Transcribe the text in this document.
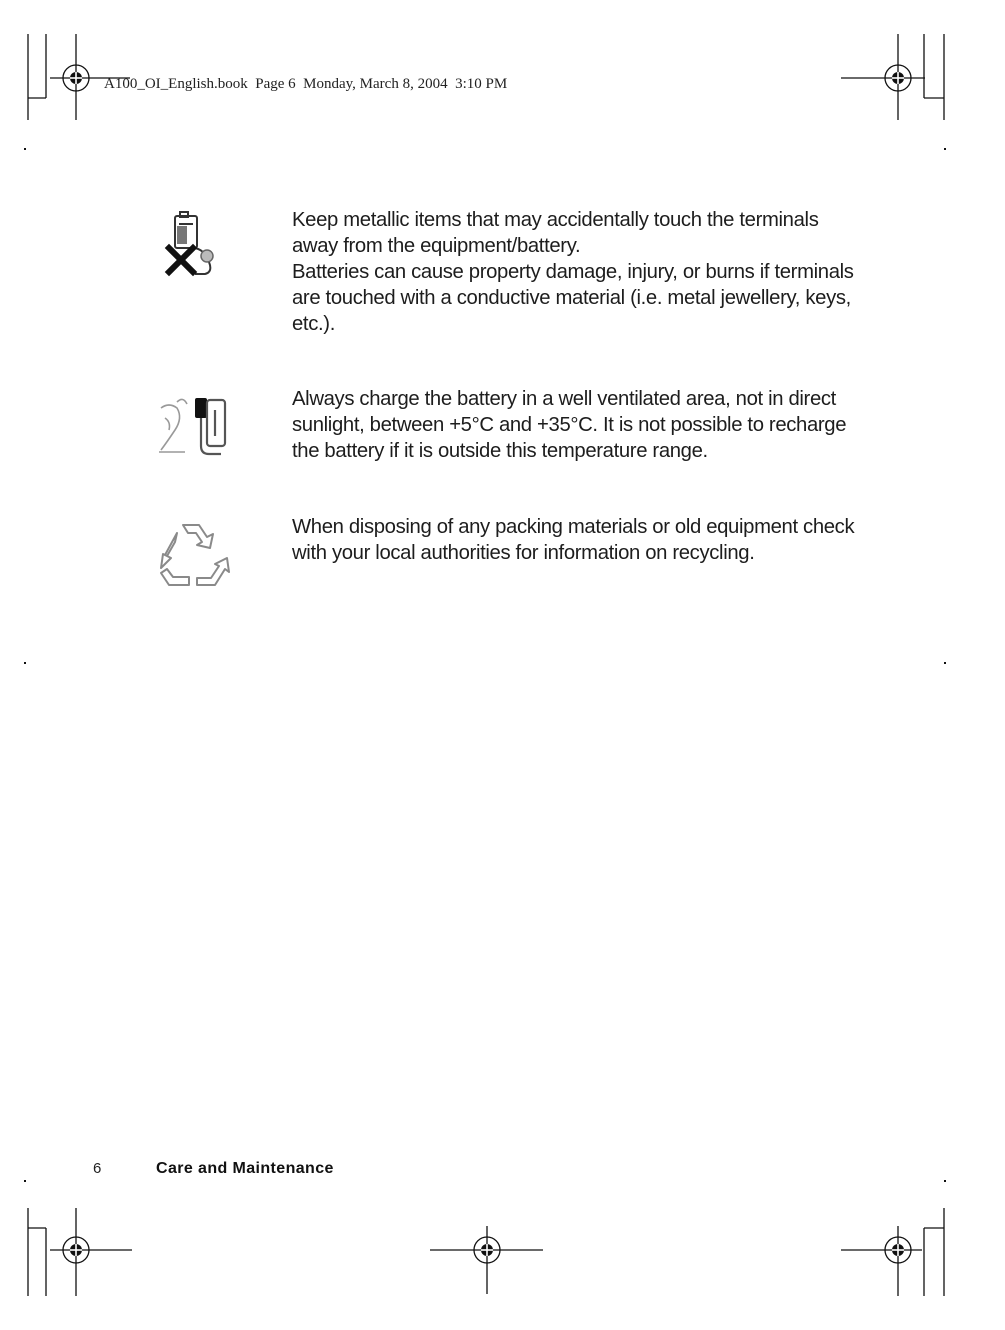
A100_OI_English.book  Page 6  Monday, March 8, 2004  3:10 PM

Keep metallic items that may accidentally touch the terminals away from the equipment/battery.

Batteries can cause property damage, injury, or burns if terminals are touched with a conductive material (i.e. metal jewellery, keys, etc.).

Always charge the battery in a well ventilated area, not in direct sunlight, between +5°C and +35°C. It is not possible to recharge the battery if it is outside this temperature range.

When disposing of any packing materials or old equipment check with your local authorities for information on recycling.

6	Care and Maintenance
